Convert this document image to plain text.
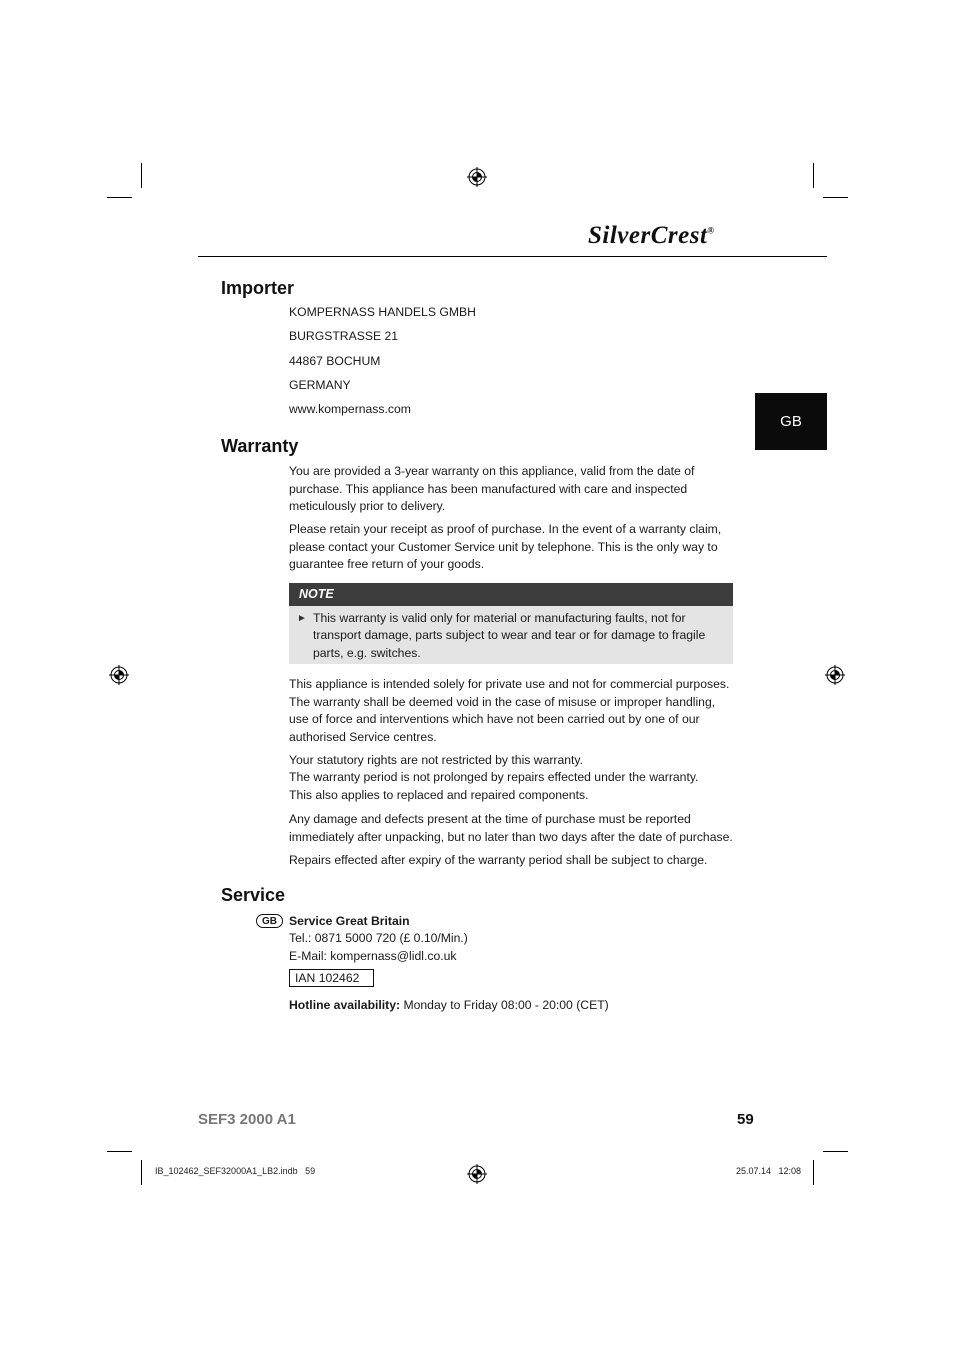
SilverCrest®
GB
Importer
KOMPERNASS HANDELS GMBH
BURGSTRASSE 21
44867 BOCHUM
GERMANY
www.kompernass.com
Warranty
You are provided a 3-year warranty on this appliance, valid from the date of purchase. This appliance has been manufactured with care and inspected meticulously prior to delivery.
Please retain your receipt as proof of purchase. In the event of a warranty claim, please contact your Customer Service unit by telephone. This is the only way to guarantee free return of your goods.
NOTE
► This warranty is valid only for material or manufacturing faults, not for transport damage, parts subject to wear and tear or for damage to fragile parts, e.g. switches.
This appliance is intended solely for private use and not for commercial purposes. The warranty shall be deemed void in the case of misuse or improper handling, use of force and interventions which have not been carried out by one of our authorised Service centres.
Your statutory rights are not restricted by this warranty.
The warranty period is not prolonged by repairs effected under the warranty. This also applies to replaced and repaired components.
Any damage and defects present at the time of purchase must be reported immediately after unpacking, but no later than two days after the date of purchase.
Repairs effected after expiry of the warranty period shall be subject to charge.
Service
GB Service Great Britain
Tel.: 0871 5000 720 (£ 0.10/Min.)
E-Mail: kompernass@lidl.co.uk
IAN 102462
Hotline availability: Monday to Friday 08:00 - 20:00 (CET)
SEF3 2000 A1	59
IB_102462_SEF32000A1_LB2.indb   59	25.07.14   12:08
